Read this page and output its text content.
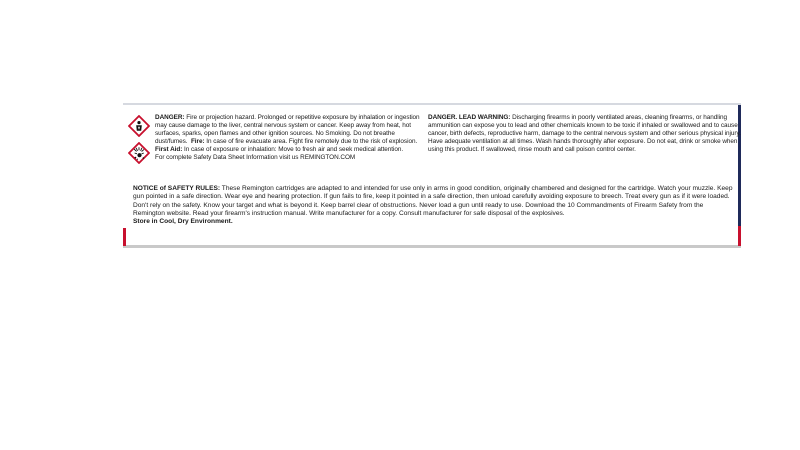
DANGER: Fire or projection hazard. Prolonged or repetitive exposure by inhalation or ingestion
may cause damage to the liver, central nervous system or cancer. Keep away from heat, hot
surfaces, sparks, open flames and other ignition sources. No Smoking. Do not breathe
dust/fumes. Fire: In case of fire evacuate area. Fight fire remotely due to the risk of explosion.
First Aid: In case of exposure or inhalation: Move to fresh air and seek medical attention.
For complete Safety Data Sheet Information visit us REMINGTON.COM
DANGER. LEAD WARNING: Discharging firearms in poorly ventilated areas, cleaning firearms, or handling
ammunition can expose you to lead and other chemicals known to be toxic if inhaled or swallowed and to cause
cancer, birth defects, reproductive harm, damage to the central nervous system and other serious physical injury.
Have adequate ventilation at all times. Wash hands thoroughly after exposure. Do not eat, drink or smoke when
using this product. If swallowed, rinse mouth and call poison control center.
NOTICE of SAFETY RULES: These Remington cartridges are adapted to and intended for use only in arms in good condition, originally chambered and designed for the cartridge. Watch your muzzle. Keep gun pointed in a safe direction. Wear eye and hearing protection. If gun fails to fire, keep it pointed in a safe direction, then unload carefully avoiding exposure to breech. Treat every gun as if it were loaded. Don't rely on the safety. Know your target and what is beyond it. Keep barrel clear of obstructions. Never load a gun until ready to use. Download the 10 Commandments of Firearm Safety from the Remington website. Read your firearm's instruction manual. Write manufacturer for a copy. Consult manufacturer for safe disposal of the explosives.
Store in Cool, Dry Environment.
